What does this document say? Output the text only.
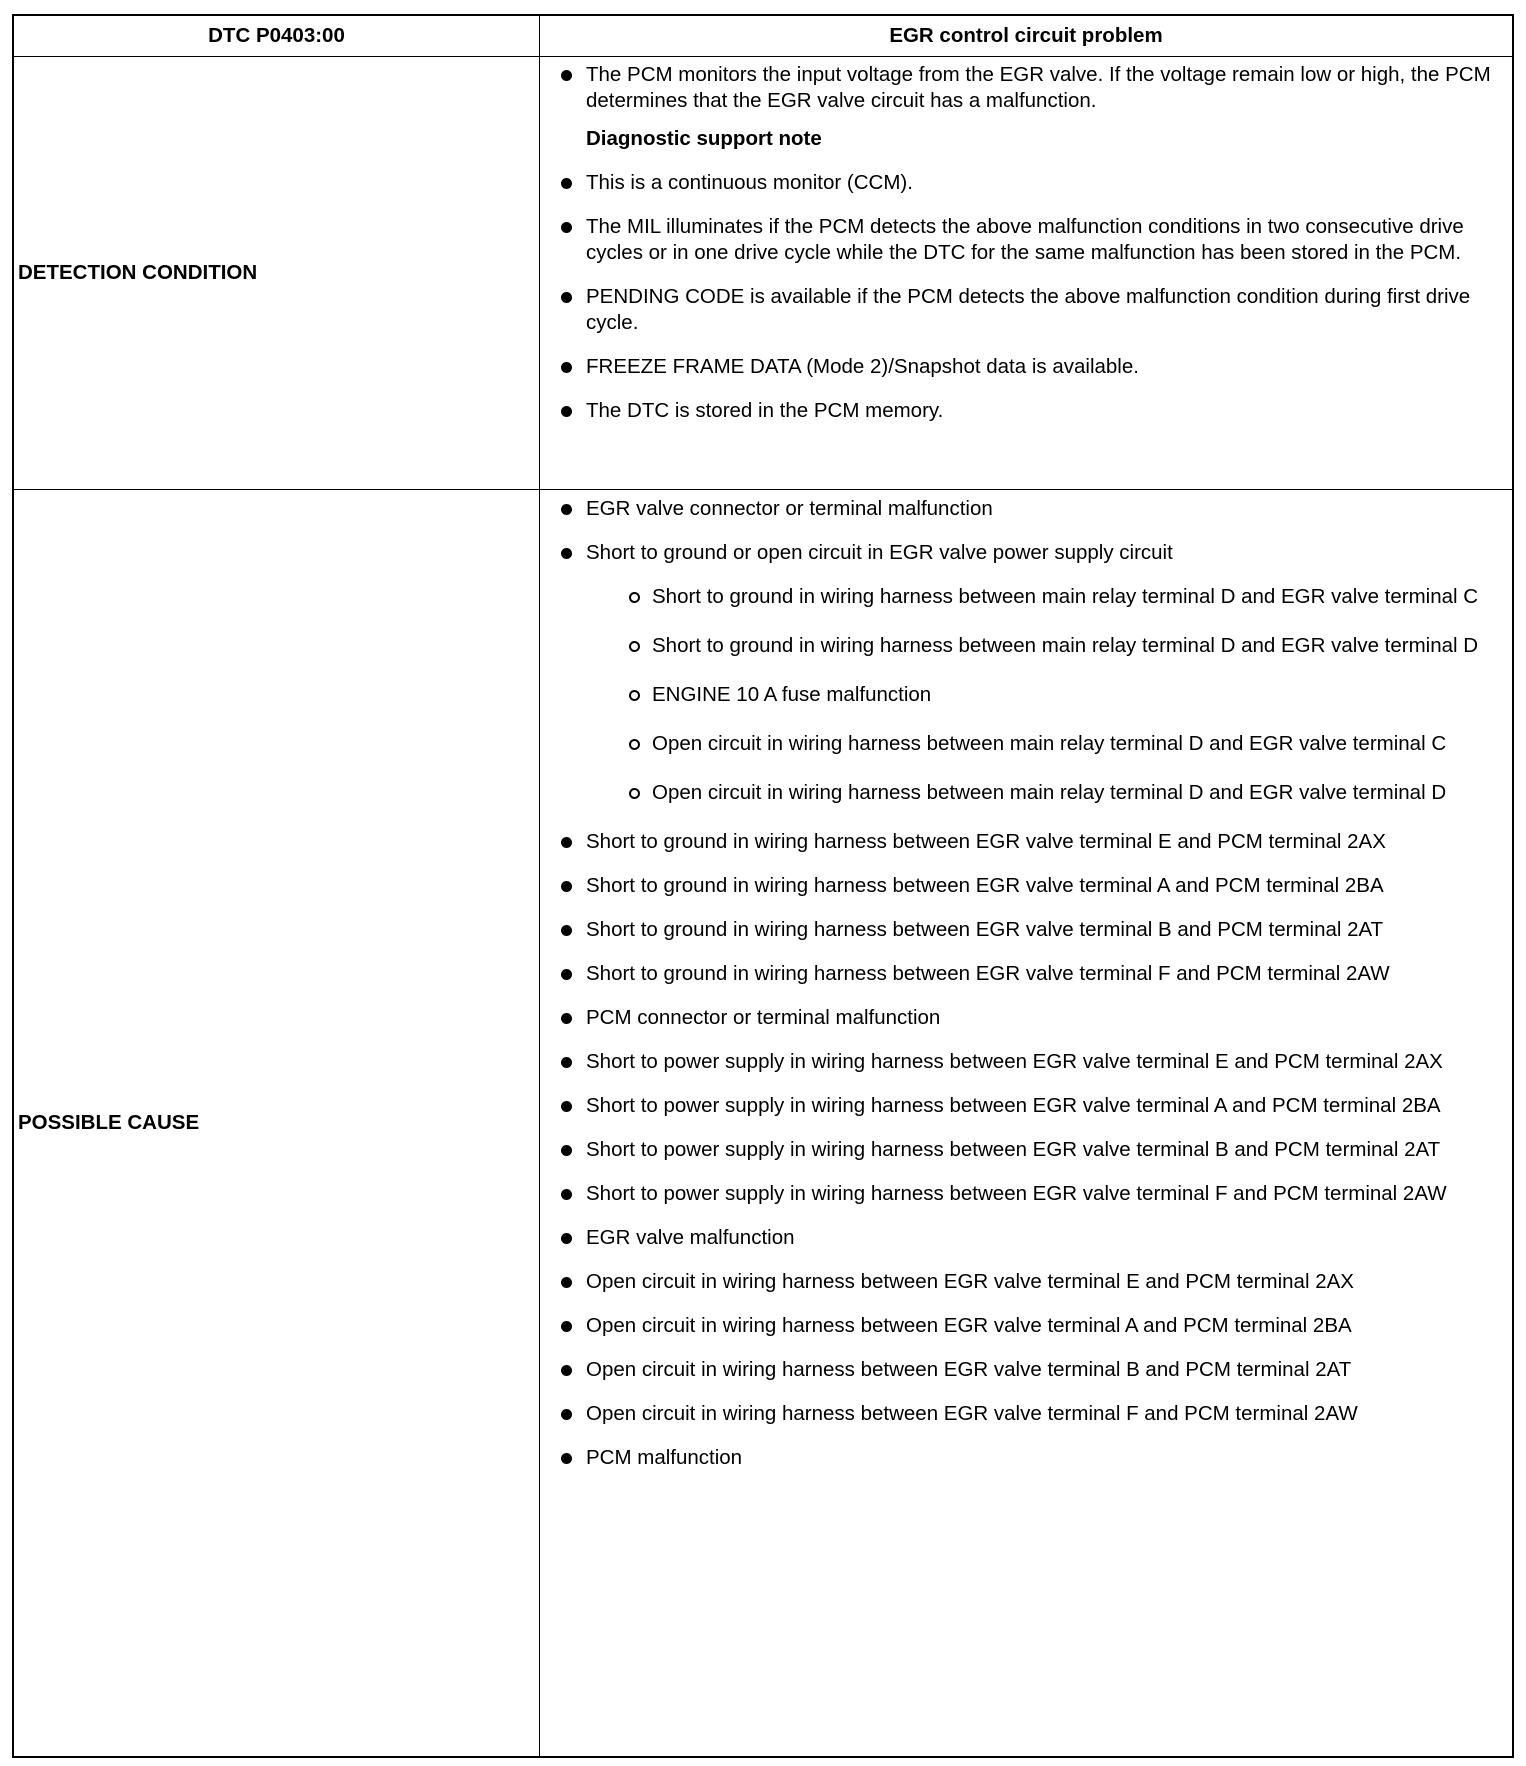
DTC P0403:00	EGR control circuit problem
DETECTION CONDITION
POSSIBLE CAUSE
The PCM monitors the input voltage from the EGR valve. If the voltage remain low or high, the PCM determines that the EGR valve circuit has a malfunction.
Diagnostic support note
This is a continuous monitor (CCM).
The MIL illuminates if the PCM detects the above malfunction conditions in two consecutive drive cycles or in one drive cycle while the DTC for the same malfunction has been stored in the PCM.
PENDING CODE is available if the PCM detects the above malfunction condition during first drive cycle.
FREEZE FRAME DATA (Mode 2)/Snapshot data is available.
The DTC is stored in the PCM memory.
EGR valve connector or terminal malfunction
Short to ground or open circuit in EGR valve power supply circuit
Short to ground in wiring harness between main relay terminal D and EGR valve terminal C
Short to ground in wiring harness between main relay terminal D and EGR valve terminal D
ENGINE 10 A fuse malfunction
Open circuit in wiring harness between main relay terminal D and EGR valve terminal C
Open circuit in wiring harness between main relay terminal D and EGR valve terminal D
Short to ground in wiring harness between EGR valve terminal E and PCM terminal 2AX
Short to ground in wiring harness between EGR valve terminal A and PCM terminal 2BA
Short to ground in wiring harness between EGR valve terminal B and PCM terminal 2AT
Short to ground in wiring harness between EGR valve terminal F and PCM terminal 2AW
PCM connector or terminal malfunction
Short to power supply in wiring harness between EGR valve terminal E and PCM terminal 2AX
Short to power supply in wiring harness between EGR valve terminal A and PCM terminal 2BA
Short to power supply in wiring harness between EGR valve terminal B and PCM terminal 2AT
Short to power supply in wiring harness between EGR valve terminal F and PCM terminal 2AW
EGR valve malfunction
Open circuit in wiring harness between EGR valve terminal E and PCM terminal 2AX
Open circuit in wiring harness between EGR valve terminal A and PCM terminal 2BA
Open circuit in wiring harness between EGR valve terminal B and PCM terminal 2AT
Open circuit in wiring harness between EGR valve terminal F and PCM terminal 2AW
PCM malfunction
